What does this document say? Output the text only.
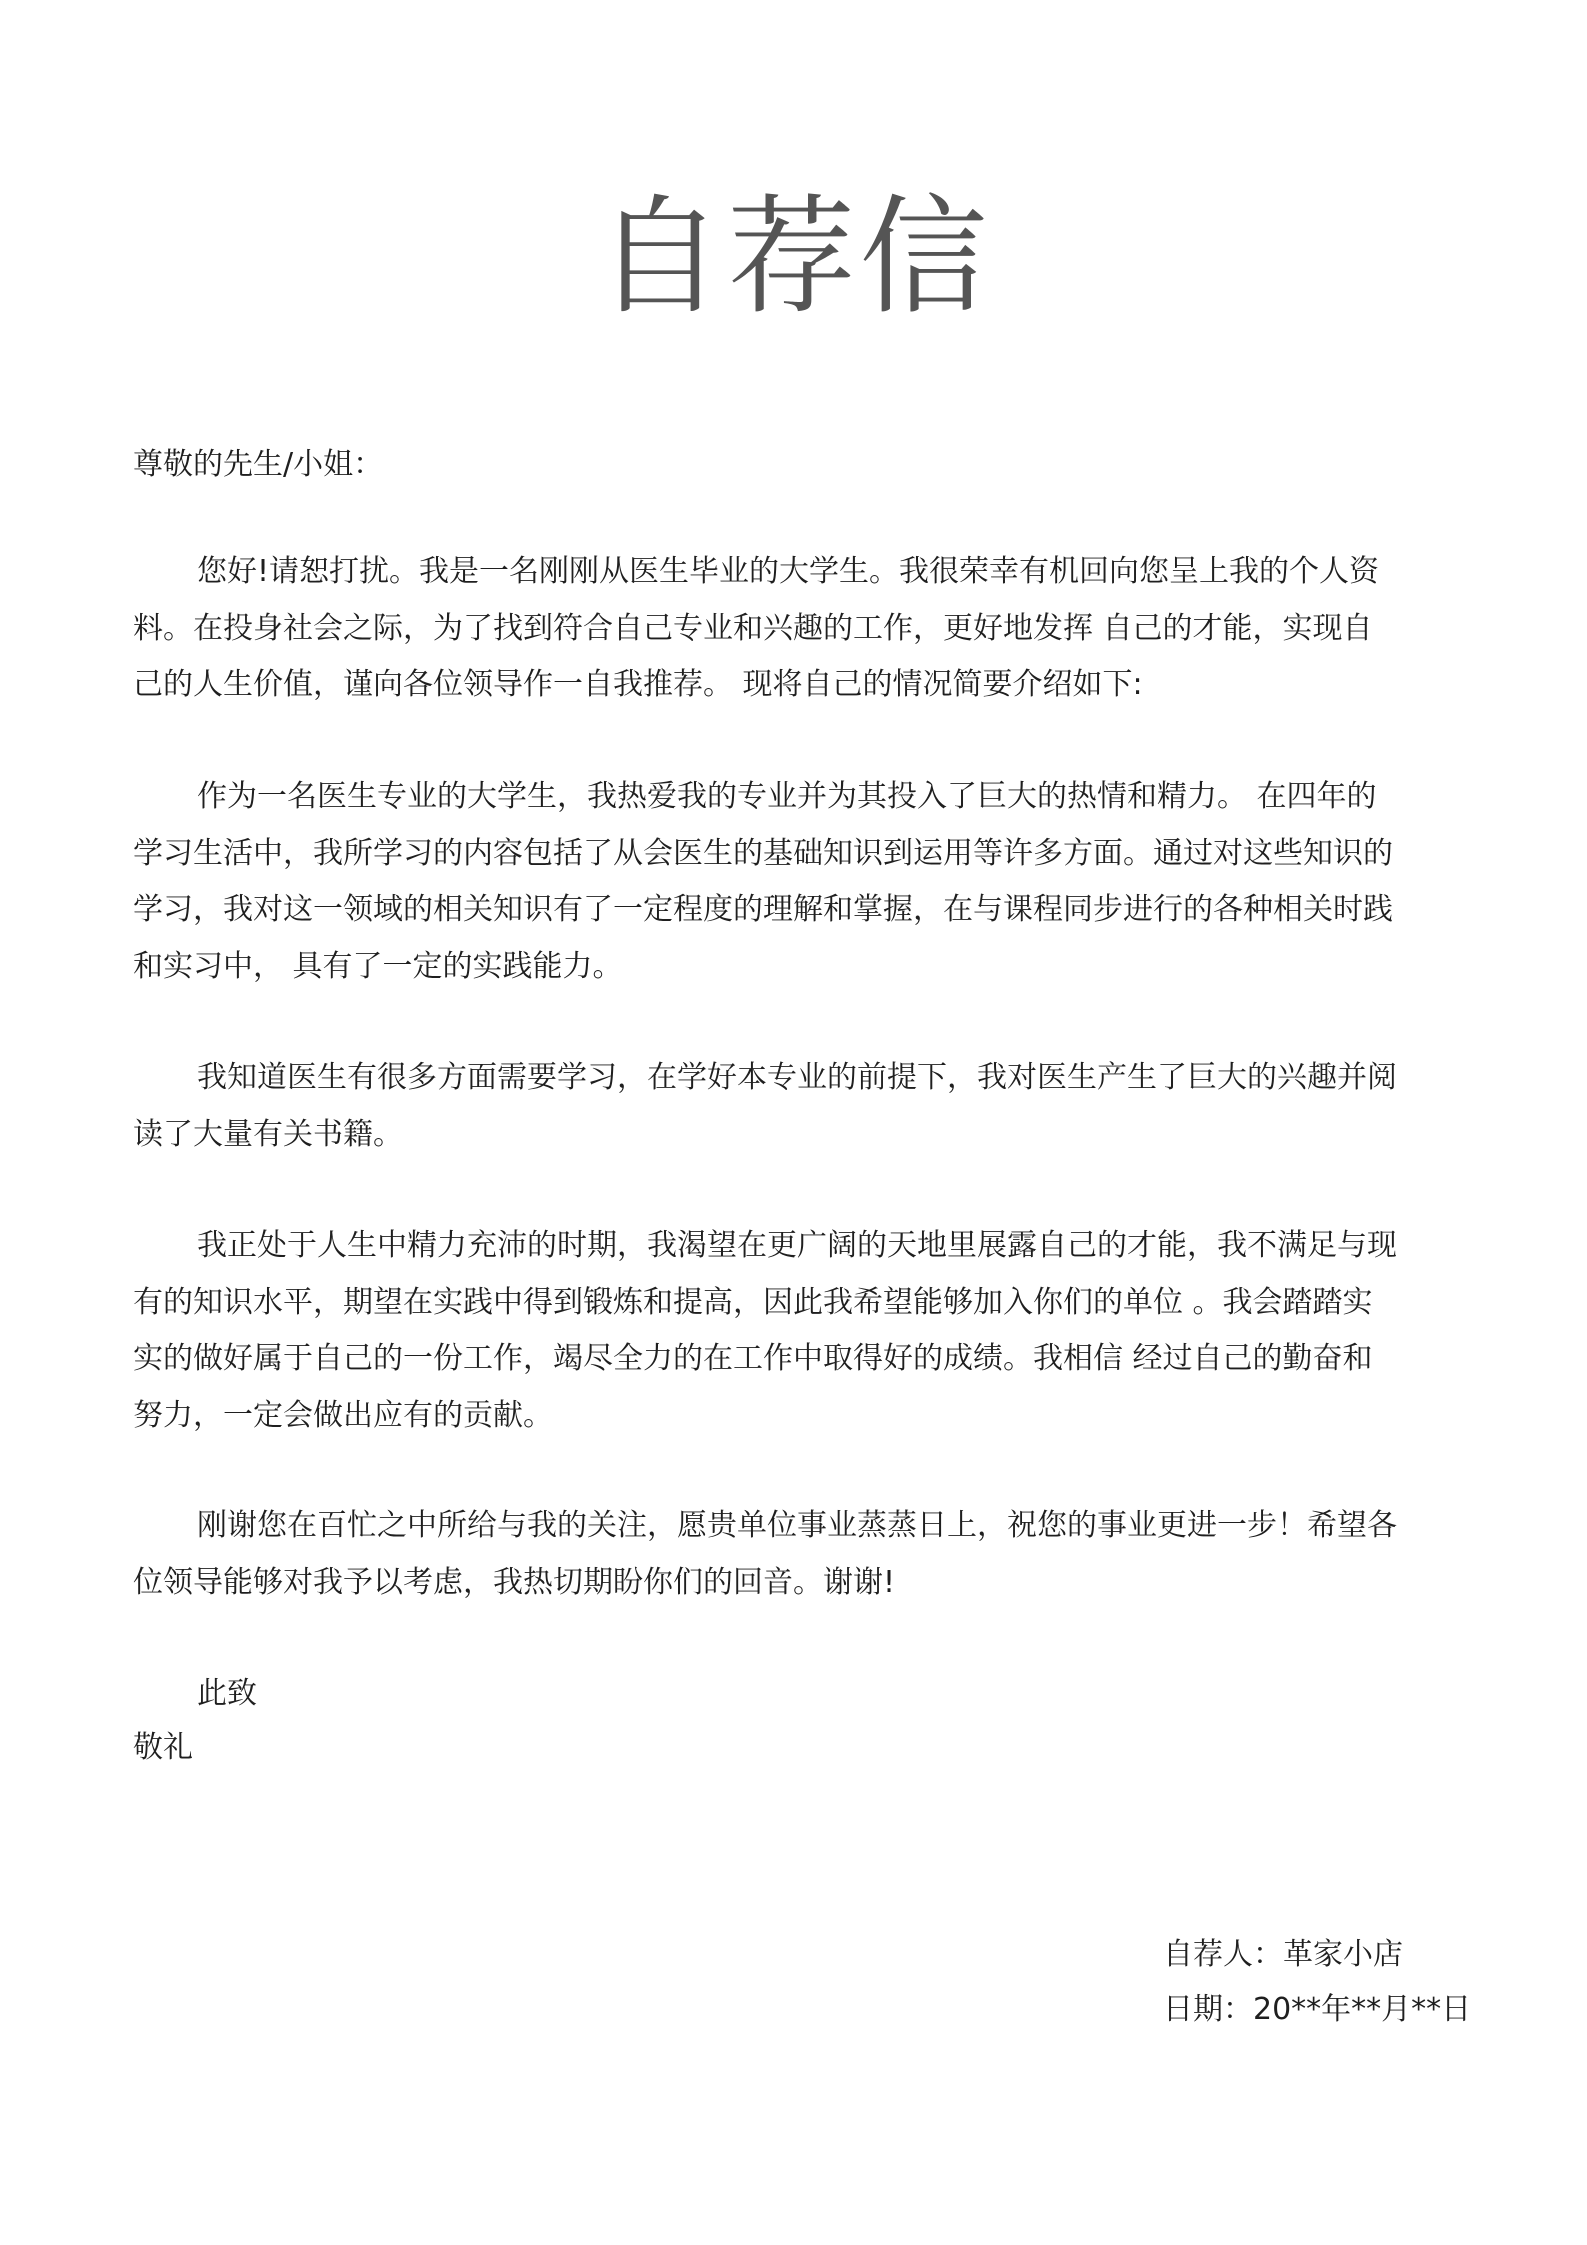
自荐信
尊敬的先生/小姐：
您好!请恕打扰。我是一名刚刚从医生毕业的大学生。我很荣幸有机回向您呈上我的个人资
料。在投身社会之际，为了找到符合自己专业和兴趣的工作，更好地发挥 自己的才能，实现自
己的人生价值，谨向各位领导作一自我推荐。 现将自己的情况简要介绍如下:
作为一名医生专业的大学生，我热爱我的专业并为其投入了巨大的热情和精力。 在四年的
学习生活中，我所学习的内容包括了从会医生的基础知识到运用等许多方面。通过对这些知识的
学习，我对这一领域的相关知识有了一定程度的理解和掌握，在与课程同步进行的各种相关时践
和实习中， 具有了一定的实践能力。
我知道医生有很多方面需要学习，在学好本专业的前提下，我对医生产生了巨大的兴趣并阅
读了大量有关书籍。
我正处于人生中精力充沛的时期，我渴望在更广阔的天地里展露自己的才能，我不满足与现
有的知识水平，期望在实践中得到锻炼和提高，因此我希望能够加入你们的单位 。我会踏踏实
实的做好属于自己的一份工作，竭尽全力的在工作中取得好的成绩。我相信 经过自己的勤奋和
努力，一定会做出应有的贡献。
刚谢您在百忙之中所给与我的关注，愿贵单位事业蒸蒸日上，祝您的事业更进一步！希望各
位领导能够对我予以考虑，我热切期盼你们的回音。谢谢!
此致
敬礼
自荐人：革家小店
日期：20**年**月**日
